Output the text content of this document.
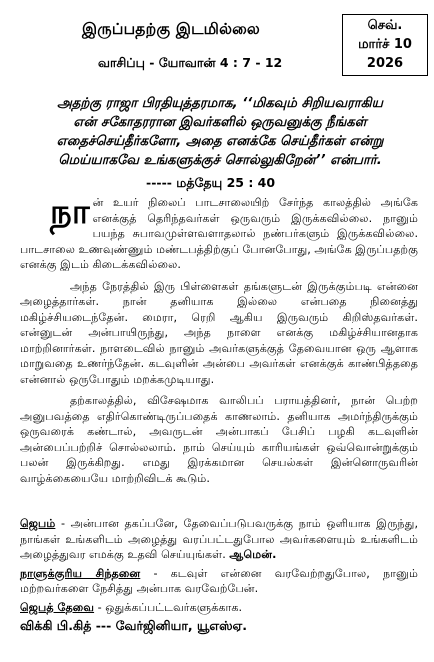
இருப்பதற்கு இடமில்லை
வாசிப்பு - யோவான் 4 : 7 - 12
செவ்.
மார்ச் 10
2026
அதற்கு ராஜா பிரதியுத்தரமாக, ‘‘மிகவும் சிறியவராகிய
என் சகோதரரான இவர்களில் ஒருவனுக்கு நீங்கள்
எதைச்செய்தீர்களோ, அதை எனக்கே செய்தீர்கள் என்று
மெய்யாகவே உங்களுக்குச் சொல்லுகிறேன்’’ என்பார்.
----- மத்தேயு 25 : 40

நா ன் உயர் நிலைப் பாடசாலையிற் சேர்ந்த காலத்தில் அங்கே எனக்குத் தெரிந்தவர்கள் ஒருவரும் இருக்கவில்லை. நானும் பயந்த சுபாவமுள்ளவளாதலால் நண்பர்களும் இருக்கவில்லை. பாடசாலை உணவுண்ணும் மண்டபத்திற்குப் போனபோது, அங்கே இருப்பதற்கு எனக்கு இடம் கிடைக்கவில்லை.

அந்த நேரத்தில் இரு பிள்ளைகள் தங்களுடன் இருக்கும்படி என்னை அழைத்தார்கள். நான் தனியாக இல்லை என்பதை நினைத்து மகிழ்ச்சியடைந்தேன். மைரா, ரெறி ஆகிய இருவரும் கிறிஸ்தவர்கள். என்னுடன் அன்பாயிருந்து, அந்த நாளை எனக்கு மகிழ்ச்சியானதாக மாற்றினார்கள். நாளடைவில் நானும் அவர்களுக்குத் தேவையான ஒரு ஆளாக மாறுவதை உணர்ந்தேன். கடவுளின் அன்பை அவர்கள் எனக்குக் காண்பித்ததை என்னால் ஒருபோதும் மறக்கமுடியாது.

தற்காலத்தில், விசேஷமாக வாலிபப் பராயத்தினர், நான் பெற்ற அனுபவத்தை எதிர்கொண்டிருப்பதைக் காணலாம். தனியாக அமர்ந்திருக்கும் ஒருவரைக் கண்டால், அவருடன் அன்பாகப் பேசிப் பழகி கடவுளின் அன்பைப்பற்றிச் சொல்லலாம். நாம் செய்யும் காரியங்கள் ஒவ்வொன்றுக்கும் பலன் இருக்கிறது. எமது இரக்கமான செயல்கள் இன்னொருவரின் வாழ்க்கையையே மாற்றிவிடக் கூடும்.

ஜெபம் - அன்பான தகப்பனே, தேவைப்படுபவருக்கு நாம் ஒளியாக இருந்து, நாங்கள் உங்களிடம் அழைத்து வரப்பட்டதுபோல அவர்களையும் உங்களிடம் அழைத்துவர எமக்கு உதவி செய்யுங்கள். ஆமென்.

நாளுக்குரிய சிந்தனை - கடவுள் என்னை வரவேற்றதுபோல, நானும் மற்றவர்களை நேசித்து அன்பாக வரவேற்பேன்.

ஜெபத் தேவை - ஒதுக்கப்பட்டவர்களுக்காக.

விக்கி பி.கித் --- வேர்ஜினியா, யூஎஸ்ஏ.
